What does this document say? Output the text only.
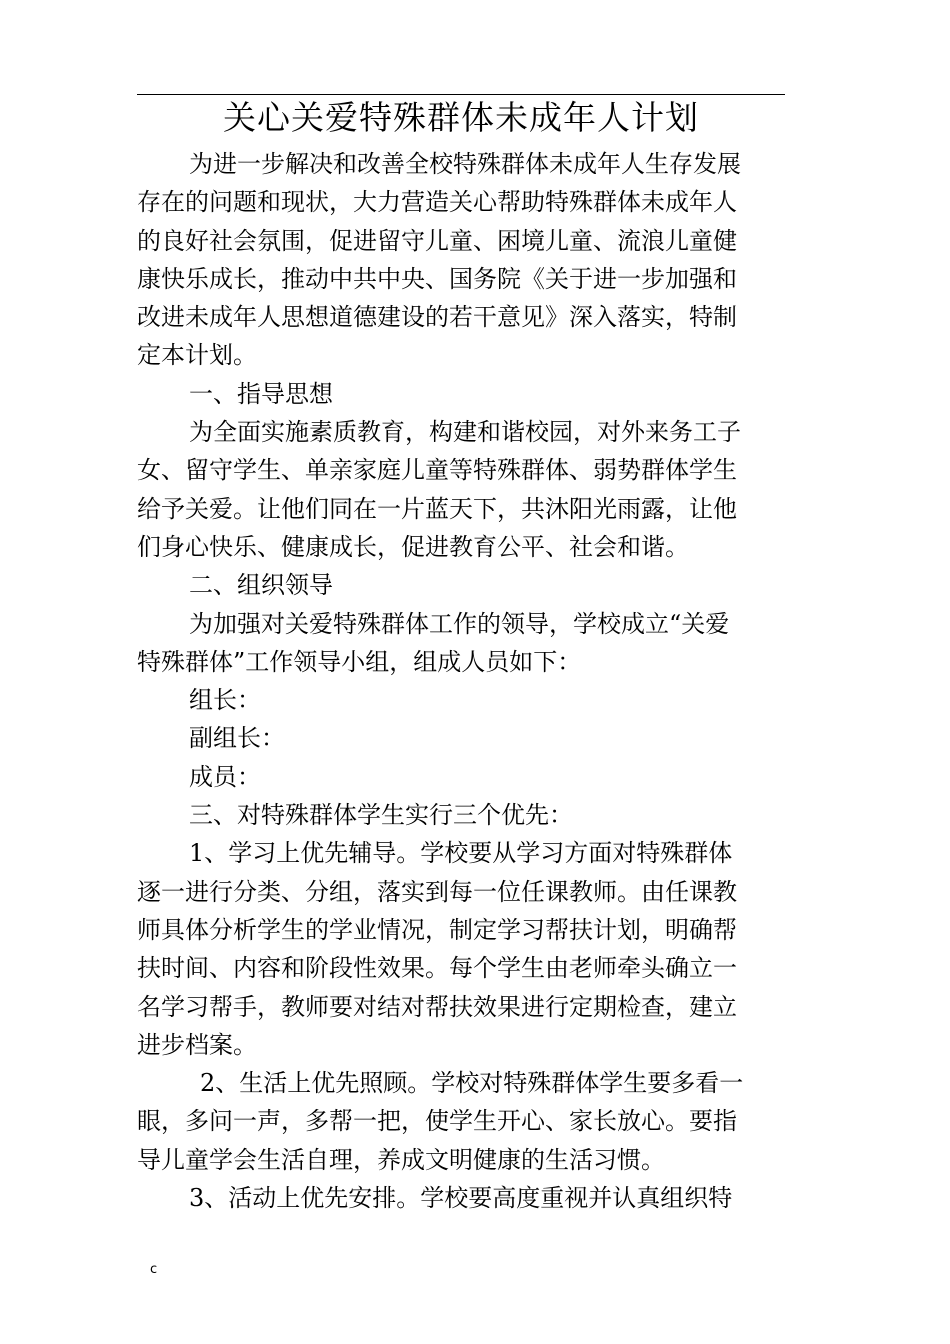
关心关爱特殊群体未成年人计划
为进一步解决和改善全校特殊群体未成年人生存发展
存在的问题和现状，大力营造关心帮助特殊群体未成年人
的良好社会氛围，促进留守儿童、困境儿童、流浪儿童健
康快乐成长，推动中共中央、国务院《关于进一步加强和
改进未成年人思想道德建设的若干意见》深入落实，特制
定本计划。
一、指导思想
为全面实施素质教育，构建和谐校园，对外来务工子
女、留守学生、单亲家庭儿童等特殊群体、弱势群体学生
给予关爱。让他们同在一片蓝天下，共沐阳光雨露，让他
们身心快乐、健康成长，促进教育公平、社会和谐。
二、组织领导
为加强对关爱特殊群体工作的领导，学校成立“关爱
特殊群体”工作领导小组，组成人员如下：
组长：
副组长：
成员：
三、对特殊群体学生实行三个优先：
1、学习上优先辅导。学校要从学习方面对特殊群体
逐一进行分类、分组，落实到每一位任课教师。由任课教
师具体分析学生的学业情况，制定学习帮扶计划，明确帮
扶时间、内容和阶段性效果。每个学生由老师牵头确立一
名学习帮手，教师要对结对帮扶效果进行定期检查，建立
进步档案。
2、生活上优先照顾。学校对特殊群体学生要多看一
眼，多问一声，多帮一把，使学生开心、家长放心。要指
导儿童学会生活自理，养成文明健康的生活习惯。
3、活动上优先安排。学校要高度重视并认真组织特
c
